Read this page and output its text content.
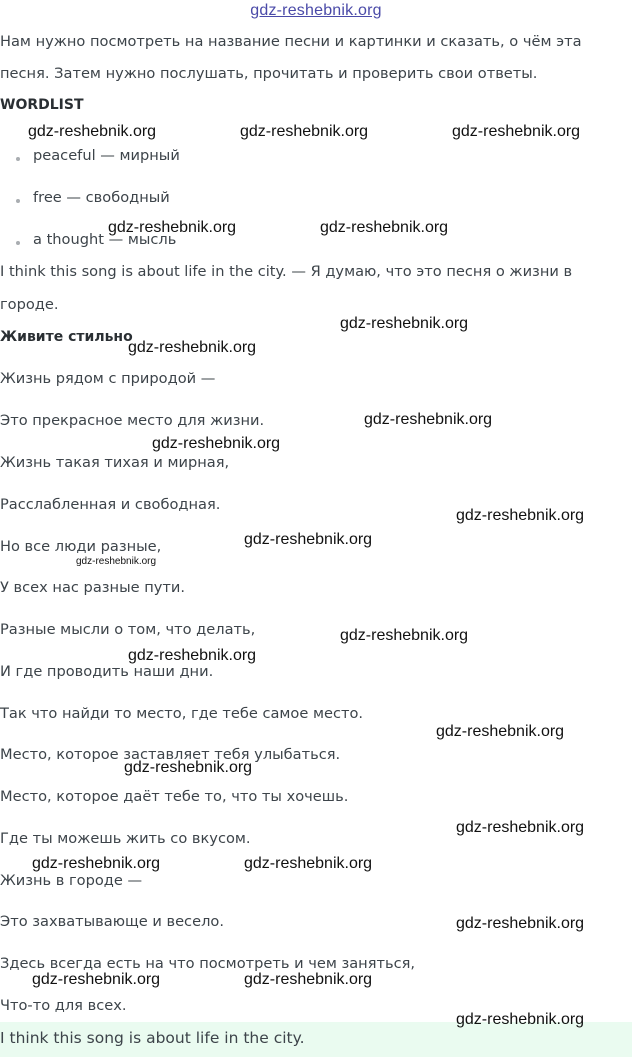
gdz-reshebnik.org
Нам нужно посмотреть на название песни и картинки и сказать, о чём эта
песня. Затем нужно послушать, прочитать и проверить свои ответы.
WORDLIST
peaceful — мирный
free — свободный
a thought — мысль
I think this song is about life in the city. — Я думаю, что это песня о жизни в
городе.
Живите стильно
Жизнь рядом с природой —
Это прекрасное место для жизни.
Жизнь такая тихая и мирная,
Расслабленная и свободная.
Но все люди разные,
У всех нас разные пути.
Разные мысли о том, что делать,
И где проводить наши дни.
Так что найди то место, где тебе самое место.
Место, которое заставляет тебя улыбаться.
Место, которое даёт тебе то, что ты хочешь.
Где ты можешь жить со вкусом.
Жизнь в городе —
Это захватывающе и весело.
Здесь всегда есть на что посмотреть и чем заняться,
Что-то для всех.
I think this song is about life in the city.
gdz-reshebnik.org	gdz-reshebnik.org	gdz-reshebnik.org
gdz-reshebnik.org	gdz-reshebnik.org
gdz-reshebnik.org
gdz-reshebnik.org
gdz-reshebnik.org
gdz-reshebnik.org
gdz-reshebnik.org
gdz-reshebnik.org
gdz-reshebnik.org
gdz-reshebnik.org
gdz-reshebnik.org
gdz-reshebnik.org
gdz-reshebnik.org
gdz-reshebnik.org
gdz-reshebnik.org	gdz-reshebnik.org
gdz-reshebnik.org
gdz-reshebnik.org	gdz-reshebnik.org
gdz-reshebnik.org
